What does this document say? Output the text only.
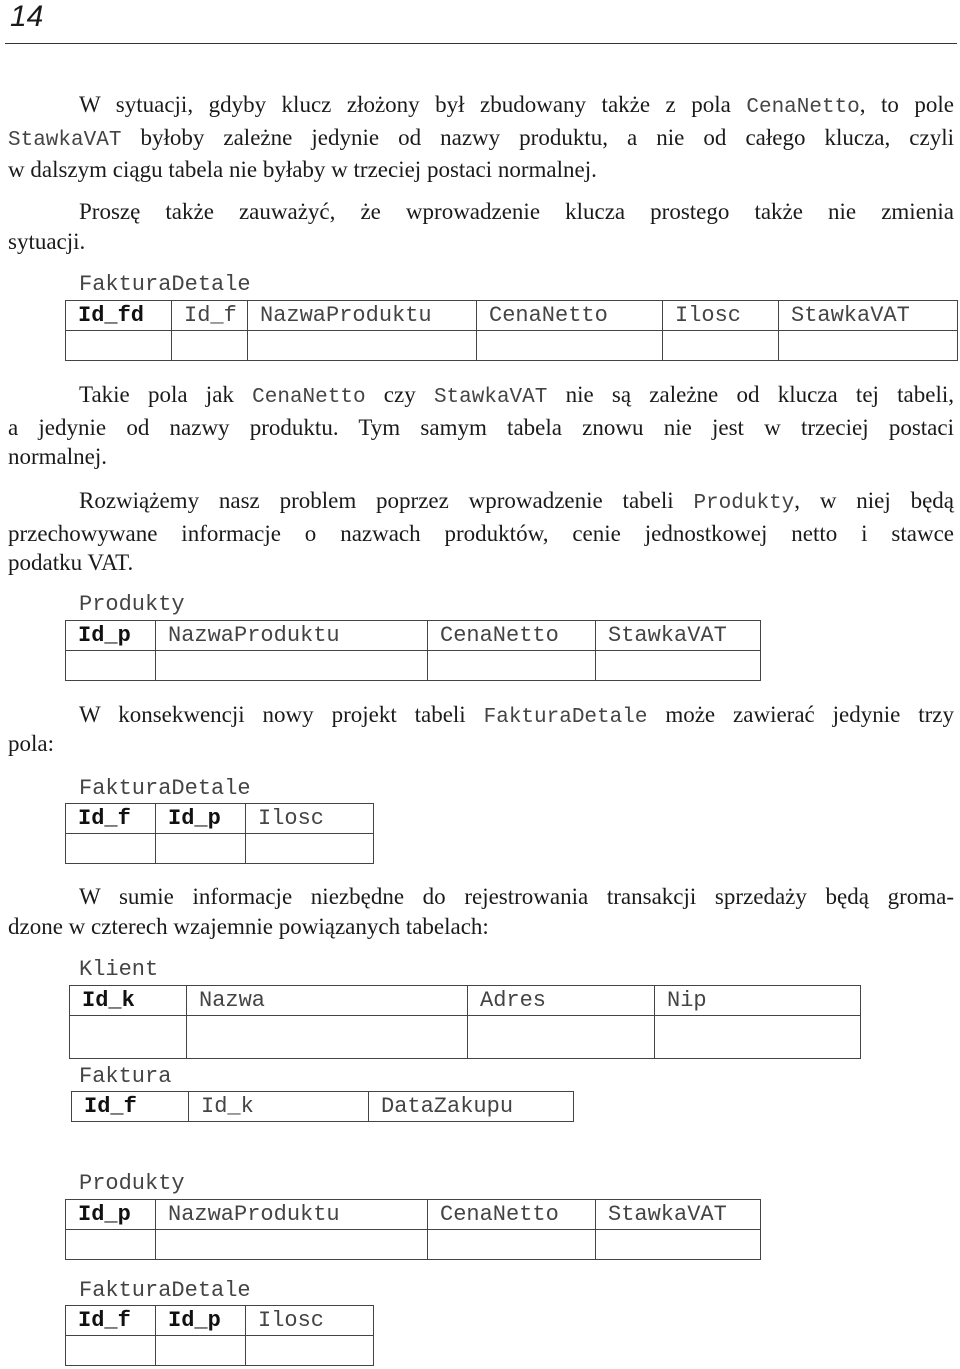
14
W sytuacji, gdyby klucz złożony był zbudowany także z pola CenaNetto, to pole
StawkaVAT byłoby zależne jedynie od nazwy produktu, a nie od całego klucza, czyli
w dalszym ciągu tabela nie byłaby w trzeciej postaci normalnej.
Proszę także zauważyć, że wprowadzenie klucza prostego także nie zmienia
sytuacji.
FakturaDetale
Id_fd	Id_f	NazwaProduktu	CenaNetto	Ilosc	StawkaVAT

Takie pola jak CenaNetto czy StawkaVAT nie są zależne od klucza tej tabeli,
a jedynie od nazwy produktu. Tym samym tabela znowu nie jest w trzeciej postaci
normalnej.
Rozwiążemy nasz problem poprzez wprowadzenie tabeli Produkty, w niej będą
przechowywane informacje o nazwach produktów, cenie jednostkowej netto i stawce
podatku VAT.
Produkty
Id_p	NazwaProduktu	CenaNetto	StawkaVAT

W konsekwencji nowy projekt tabeli FakturaDetale może zawierać jedynie trzy
pola:
FakturaDetale
Id_f	Id_p	Ilosc

W sumie informacje niezbędne do rejestrowania transakcji sprzedaży będą groma-
dzone w czterech wzajemnie powiązanych tabelach:
Klient
Id_k	Nazwa	Adres	Nip

Faktura
Id_f	Id_k	DataZakupu
Produkty
Id_p	NazwaProduktu	CenaNetto	StawkaVAT

FakturaDetale
Id_f	Id_p	Ilosc
